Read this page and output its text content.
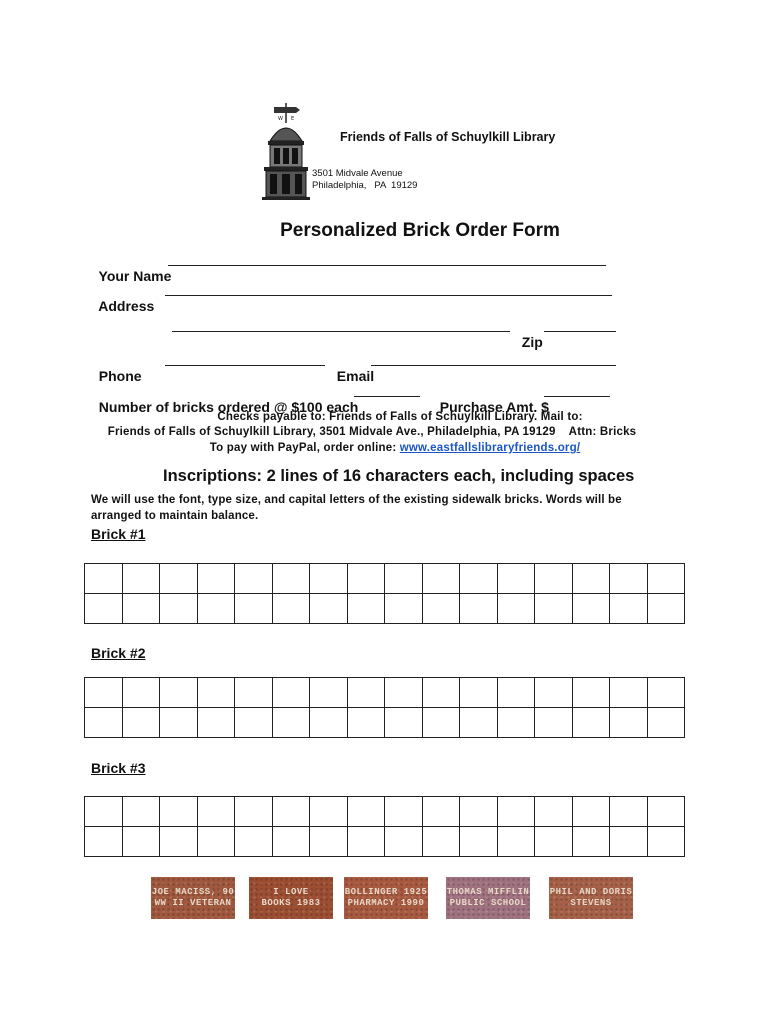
W E
Friends of Falls of Schuylkill Library
3501 Midvale Avenue
Philadelphia,   PA  19129
Personalized Brick Order Form

Your Name

Address

Zip

Phone	Email

Number of bricks ordered @ $100 each	Purchase Amt. $

Checks payable to: Friends of Falls of Schuylkill Library. Mail to:
Friends of Falls of Schuylkill Library, 3501 Midvale Ave., Philadelphia, PA 19129    Attn: Bricks
To pay with PayPal, order online: www.eastfallslibraryfriends.org/
Inscriptions: 2 lines of 16 characters each, including spaces
We will use the font, type size, and capital letters of the existing sidewalk bricks. Words will be
arranged to maintain balance.
Brick #1

Brick #2

Brick #3

JOE MACISS, 90
WW II VETERAN
I LOVE
BOOKS 1983
BOLLINGER 1925
PHARMACY 1990
THOMAS MIFFLIN
PUBLIC SCHOOL
PHIL AND DORIS
STEVENS
